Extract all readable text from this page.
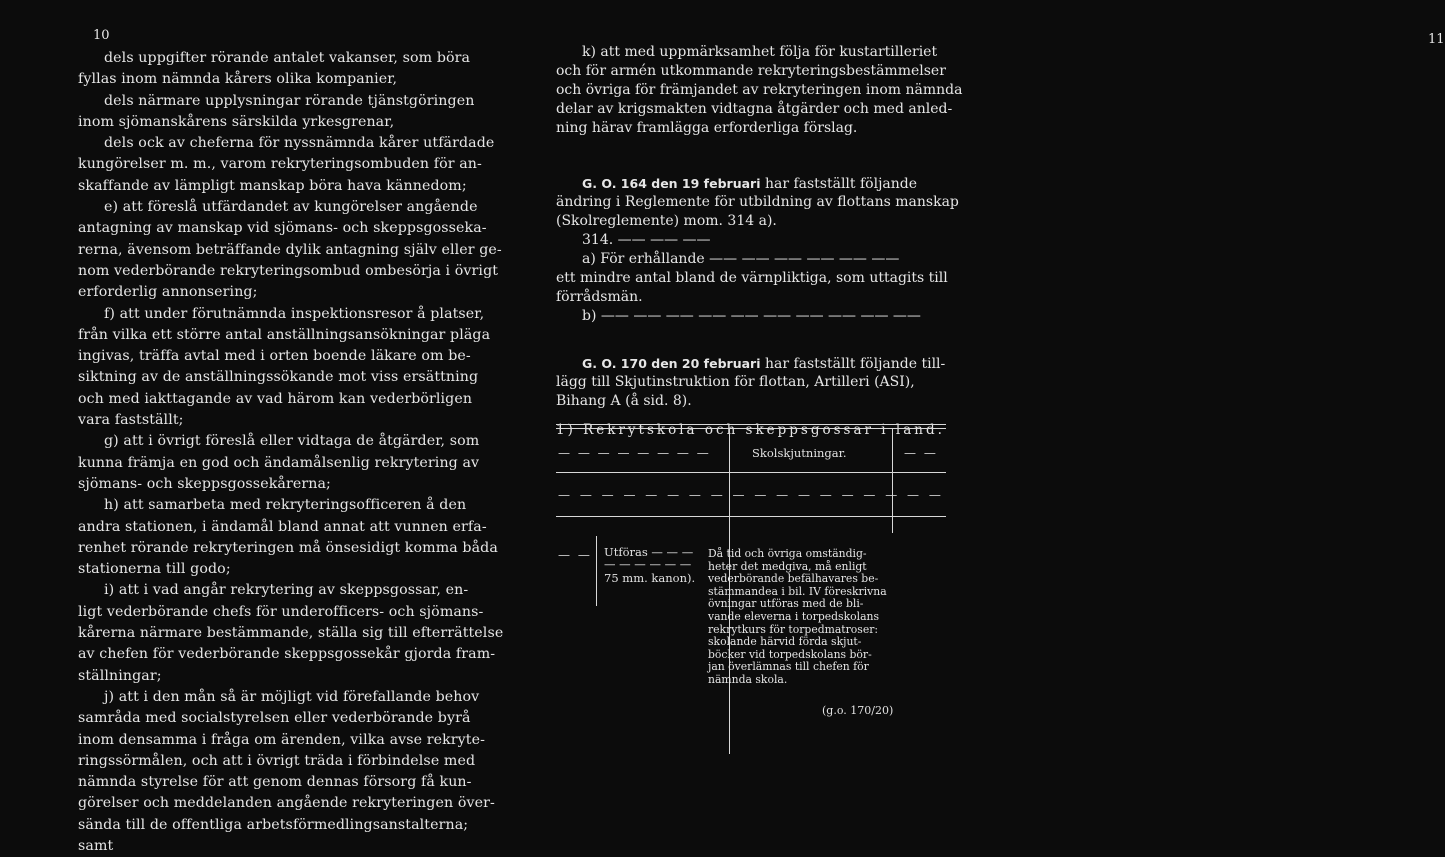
10
dels uppgifter rörande antalet vakanser, som böra
fyllas inom nämnda kårers olika kompanier,
dels närmare upplysningar rörande tjänstgöringen
inom sjömanskårens särskilda yrkesgrenar,
dels ock av cheferna för nyssnämnda kårer utfärdade
kungörelser m. m., varom rekryteringsombuden för an-
skaffande av lämpligt manskap böra hava kännedom;
e) att föreslå utfärdandet av kungörelser angående
antagning av manskap vid sjömans- och skeppsgosseka-
rerna, ävensom beträffande dylik antagning själv eller ge-
nom vederbörande rekryteringsombud ombesörja i övrigt
erforderlig annonsering;
f) att under förutnämnda inspektionsresor å platser,
från vilka ett större antal anställningsansökningar pläga
ingivas, träffa avtal med i orten boende läkare om be-
siktning av de anställningssökande mot viss ersättning
och med iakttagande av vad härom kan vederbörligen
vara fastställt;
g) att i övrigt föreslå eller vidtaga de åtgärder, som
kunna främja en god och ändamålsenlig rekrytering av
sjömans- och skeppsgossekårerna;
h) att samarbeta med rekryteringsofficeren å den
andra stationen, i ändamål bland annat att vunnen erfa-
renhet rörande rekryteringen må önsesidigt komma båda
stationerna till godo;
i) att i vad angår rekrytering av skeppsgossar, en-
ligt vederbörande chefs för underofficers- och sjömans-
kårerna närmare bestämmande, ställa sig till efterrättelse
av chefen för vederbörande skeppsgossekår gjorda fram-
ställningar;
j) att i den mån så är möjligt vid förefallande behov
samråda med socialstyrelsen eller vederbörande byrå
inom densamma i fråga om ärenden, vilka avse rekryte-
ringssörmålen, och att i övrigt träda i förbindelse med
nämnda styrelse för att genom dennas försorg få kun-
görelser och meddelanden angående rekryteringen över-
sända till de offentliga arbetsförmedlingsanstalterna;
samt
11
k) att med uppmärksamhet följa för kustartilleriet
och för armén utkommande rekryteringsbestämmelser
och övriga för främjandet av rekryteringen inom nämnda
delar av krigsmakten vidtagna åtgärder och med anled-
ning härav framlägga erforderliga förslag.
G. O. 164 den 19 februari har fastställt följande
ändring i Reglemente för utbildning av flottans manskap
(Skolreglemente) mom. 314 a).
314. —— —— ——
a) För erhållande —— —— —— —— —— ——
ett mindre antal bland de värnpliktiga, som uttagits till
förrådsmän.
b) —— —— —— —— —— —— —— —— —— ——
G. O. 170 den 20 februari har fastställt följande till-
lägg till Skjutinstruktion för flottan, Artilleri (ASI),
Bihang A (å sid. 8).
1) Rekrytskola och skeppsgossar i land.
— — — — — — — —	Skolskjutningar.	— —
— — — — — — — — — — — — — — — — — —
— — Utföras — — —
— — — — — —
75 mm. kanon).
Då tid och övriga omständig-
heter det medgiva, må enligt
vederbörande befälhavares be-
stämmandea i bil. IV föreskrivna
övningar utföras med de bli-
vande eleverna i torpedskolans
rekrytkurs för torpedmatroser:
skolande härvid förda skjut-
böcker vid torpedskolans bör-
jan överlämnas till chefen för
nämnda skola.
(g.o. 170/20)
